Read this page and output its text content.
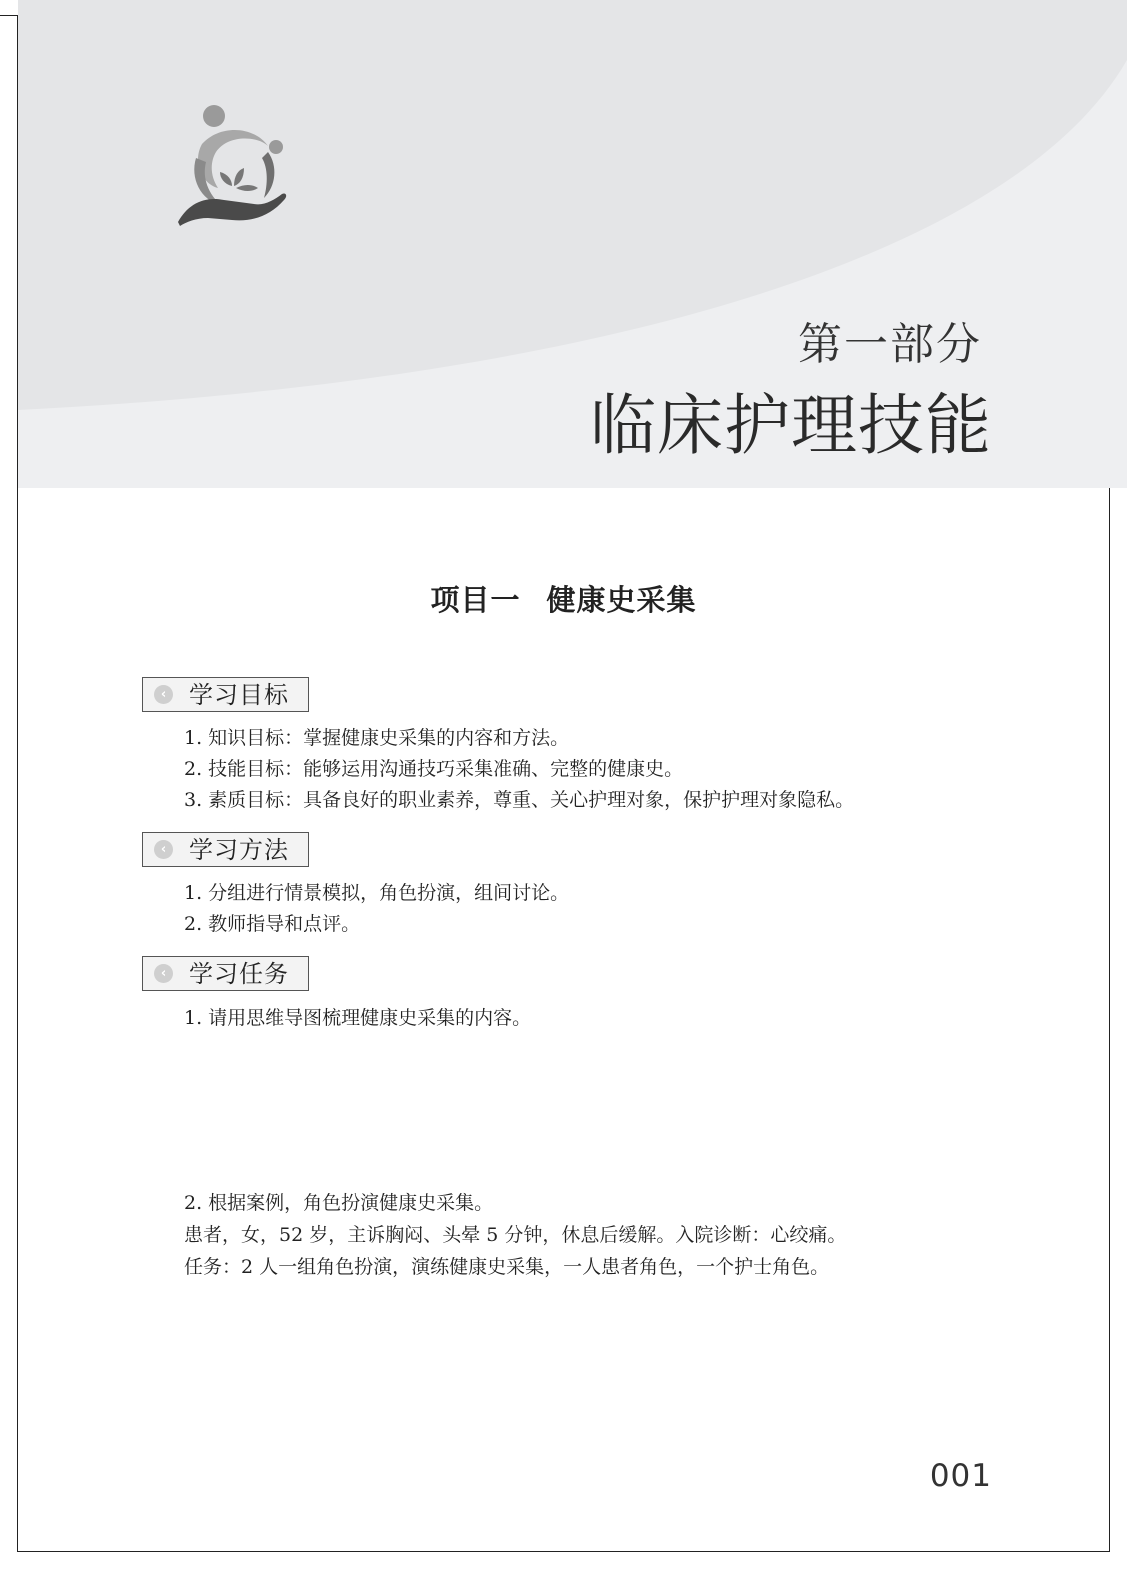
第一部分
临床护理技能
项目一 健康史采集
‹ 学习目标
1. 知识目标：掌握健康史采集的内容和方法。
2. 技能目标：能够运用沟通技巧采集准确、完整的健康史。
3. 素质目标：具备良好的职业素养，尊重、关心护理对象，保护护理对象隐私。
‹ 学习方法
1. 分组进行情景模拟，角色扮演，组间讨论。
2. 教师指导和点评。
‹ 学习任务
1. 请用思维导图梳理健康史采集的内容。
2. 根据案例，角色扮演健康史采集。
患者，女，52 岁，主诉胸闷、头晕 5 分钟，休息后缓解。入院诊断：心绞痛。
任务：2 人一组角色扮演，演练健康史采集，一人患者角色，一个护士角色。
001
